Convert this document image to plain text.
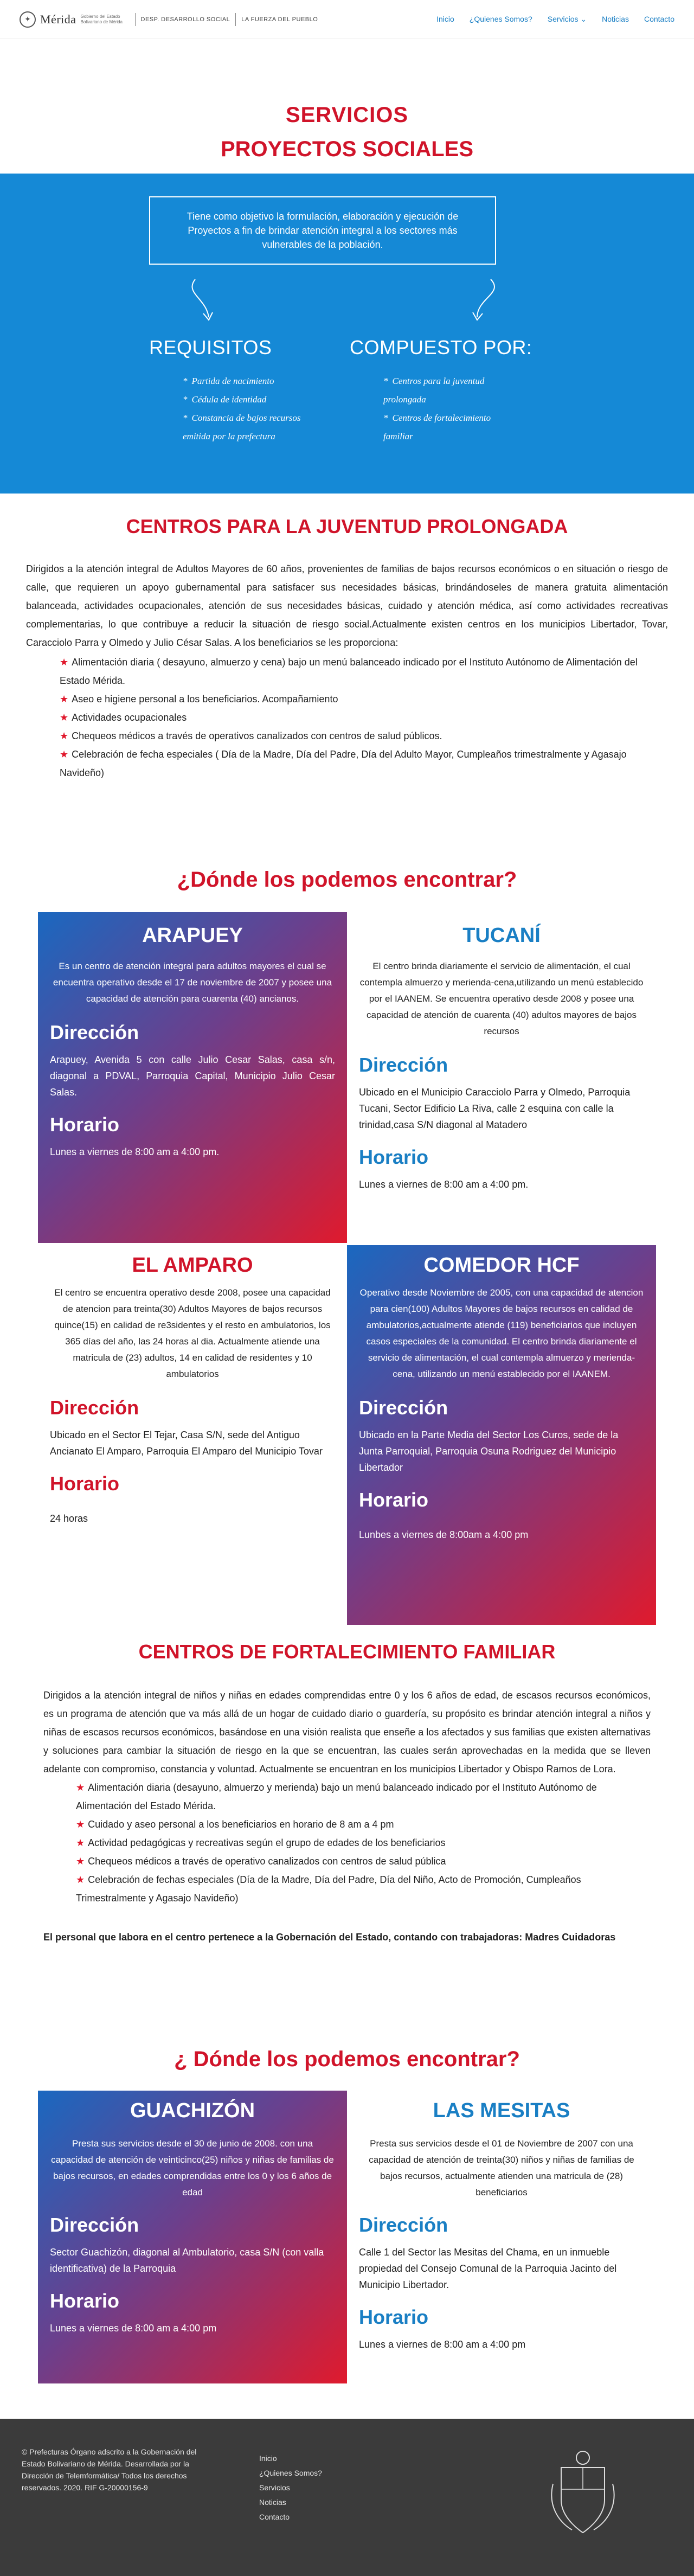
✦ Mérida Gobierno del Estado Bolivariano de Mérida	DESP. DESARROLLO SOCIAL LA FUERZA DEL PUEBLO	Inicio ¿Quienes Somos? Servicios ⌄ Noticias Contacto
SERVICIOS
PROYECTOS SOCIALES
Tiene como objetivo la formulación, elaboración y ejecución de Proyectos a fin de brindar atención integral a los sectores más vulnerables de la población.
REQUISITOS
* Partida de nacimiento
* Cédula de identidad
* Constancia de bajos recursos emitida por la prefectura
COMPUESTO POR:
* Centros para la juventud prolongada
* Centros de fortalecimiento familiar
CENTROS PARA LA JUVENTUD PROLONGADA

Dirigidos a la atención integral de Adultos Mayores de 60 años, provenientes de familias de bajos recursos económicos o en situación o riesgo de calle, que requieren un apoyo gubernamental para satisfacer sus necesidades básicas, brindándoseles de manera gratuita alimentación balanceada, actividades ocupacionales, atención de sus necesidades básicas, cuidado y atención médica, así como actividades recreativas complementarias, lo que contribuye a reducir la situación de riesgo social.Actualmente existen centros en los municipios Libertador, Tovar, Caracciolo Parra y Olmedo y Julio César Salas. A los beneficiarios se les proporciona:

★ Alimentación diaria ( desayuno, almuerzo y cena) bajo un menú balanceado indicado por el Instituto Autónomo de Alimentación del Estado Mérida.
★ Aseo e higiene personal a los beneficiarios. Acompañamiento
★ Actividades ocupacionales
★ Chequeos médicos a través de operativos canalizados con centros de salud públicos.
★ Celebración de fecha especiales ( Día de la Madre, Día del Padre, Día del Adulto Mayor, Cumpleaños trimestralmente y Agasajo Navideño)
¿Dónde los podemos encontrar?
ARAPUEY

Es un centro de atención integral para adultos mayores el cual se encuentra operativo desde el 17 de noviembre de 2007 y posee una capacidad de atención para cuarenta (40) ancianos.

Dirección

Arapuey, Avenida 5 con calle Julio Cesar Salas, casa s/n, diagonal a PDVAL, Parroquia Capital, Municipio Julio Cesar Salas.

Horario

Lunes a viernes de 8:00 am a 4:00 pm.

TUCANÍ

El centro brinda diariamente el servicio de alimentación, el cual contempla almuerzo y merienda-cena,utilizando un menú establecido por el IAANEM. Se encuentra operativo desde 2008 y posee una capacidad de atención de cuarenta (40) adultos mayores de bajos recursos

Dirección

Ubicado en el Municipio Caracciolo Parra y Olmedo, Parroquia Tucani, Sector Edificio La Riva, calle 2 esquina con calle la trinidad,casa S/N diagonal al Matadero

Horario

Lunes a viernes de 8:00 am a 4:00 pm.

EL AMPARO

El centro se encuentra operativo desde 2008, posee una capacidad de atencion para treinta(30) Adultos Mayores de bajos recursos quince(15) en calidad de re3sidentes y el resto en ambulatorios, los 365 días del año, las 24 horas al dia. Actualmente atiende una matricula de (23) adultos, 14 en calidad de residentes y 10 ambulatorios

Dirección

Ubicado en el Sector El Tejar, Casa S/N, sede del Antiguo Ancianato El Amparo, Parroquia El Amparo del Municipio Tovar

Horario

24 horas

COMEDOR HCF

Operativo desde Noviembre de 2005, con una capacidad de atencion para cien(100) Adultos Mayores de bajos recursos en calidad de ambulatorios,actualmente atiende (119) beneficiarios que incluyen casos especiales de la comunidad. El centro brinda diariamente el servicio de alimentación, el cual contempla almuerzo y merienda-cena, utilizando un menú establecido por el IAANEM.

Dirección

Ubicado en la Parte Media del Sector Los Curos, sede de la Junta Parroquial, Parroquia Osuna Rodriguez del Municipio Libertador

Horario

Lunbes a viernes de 8:00am a 4:00 pm

CENTROS DE FORTALECIMIENTO FAMILIAR

Dirigidos a la atención integral de niños y niñas en edades comprendidas entre 0 y los 6 años de edad, de escasos recursos económicos, es un programa de atención que va más allá de un hogar de cuidado diario o guardería, su propósito es brindar atención integral a niños y niñas de escasos recursos económicos, basándose en una visión realista que enseñe a los afectados y sus familias que existen alternativas y soluciones para cambiar la situación de riesgo en la que se encuentran, las cuales serán aprovechadas en la medida que se lleven adelante con compromiso, constancia y voluntad. Actualmente se encuentran en los municipios Libertador y Obispo Ramos de Lora.

★ Alimentación diaria (desayuno, almuerzo y merienda) bajo un menú balanceado indicado por el Instituto Autónomo de Alimentación del Estado Mérida.
★ Cuidado y aseo personal a los beneficiarios en horario de 8 am a 4 pm
★ Actividad pedagógicas y recreativas según el grupo de edades de los beneficiarios
★ Chequeos médicos a través de operativo canalizados con centros de salud pública
★ Celebración de fechas especiales (Día de la Madre, Día del Padre, Día del Niño, Acto de Promoción, Cumpleaños Trimestralmente y Agasajo Navideño)

El personal que labora en el centro pertenece a la Gobernación del Estado, contando con trabajadoras: Madres Cuidadoras

¿ Dónde los podemos encontrar?
GUACHIZÓN

Presta sus servicios desde el 30 de junio de 2008. con una capacidad de atención de veinticinco(25) niños y niñas de familias de bajos recursos, en edades comprendidas entre los 0 y los 6 años de edad

Dirección

Sector Guachizón, diagonal al Ambulatorio, casa S/N (con valla identificativa) de la Parroquia

Horario

Lunes a viernes de 8:00 am a 4:00 pm

LAS MESITAS

Presta sus servicios desde el 01 de Noviembre de 2007 con una capacidad de atención de treinta(30) niños y niñas de familias de bajos recursos, actualmente atienden una matricula de (28) beneficiarios

Dirección

Calle 1 del Sector las Mesitas del Chama, en un inmueble propiedad del Consejo Comunal de la Parroquia Jacinto del Municipio Libertador.

Horario

Lunes a viernes de 8:00 am a 4:00 pm

© Prefecturas Órgano adscrito a la Gobernación del Estado Bolivariano de Mérida. Desarrollada por la Dirección de Telemformática/ Todos los derechos reservados. 2020. RIF G-20000156-9

Inicio
¿Quienes Somos?
Servicios
Noticias
Contacto
